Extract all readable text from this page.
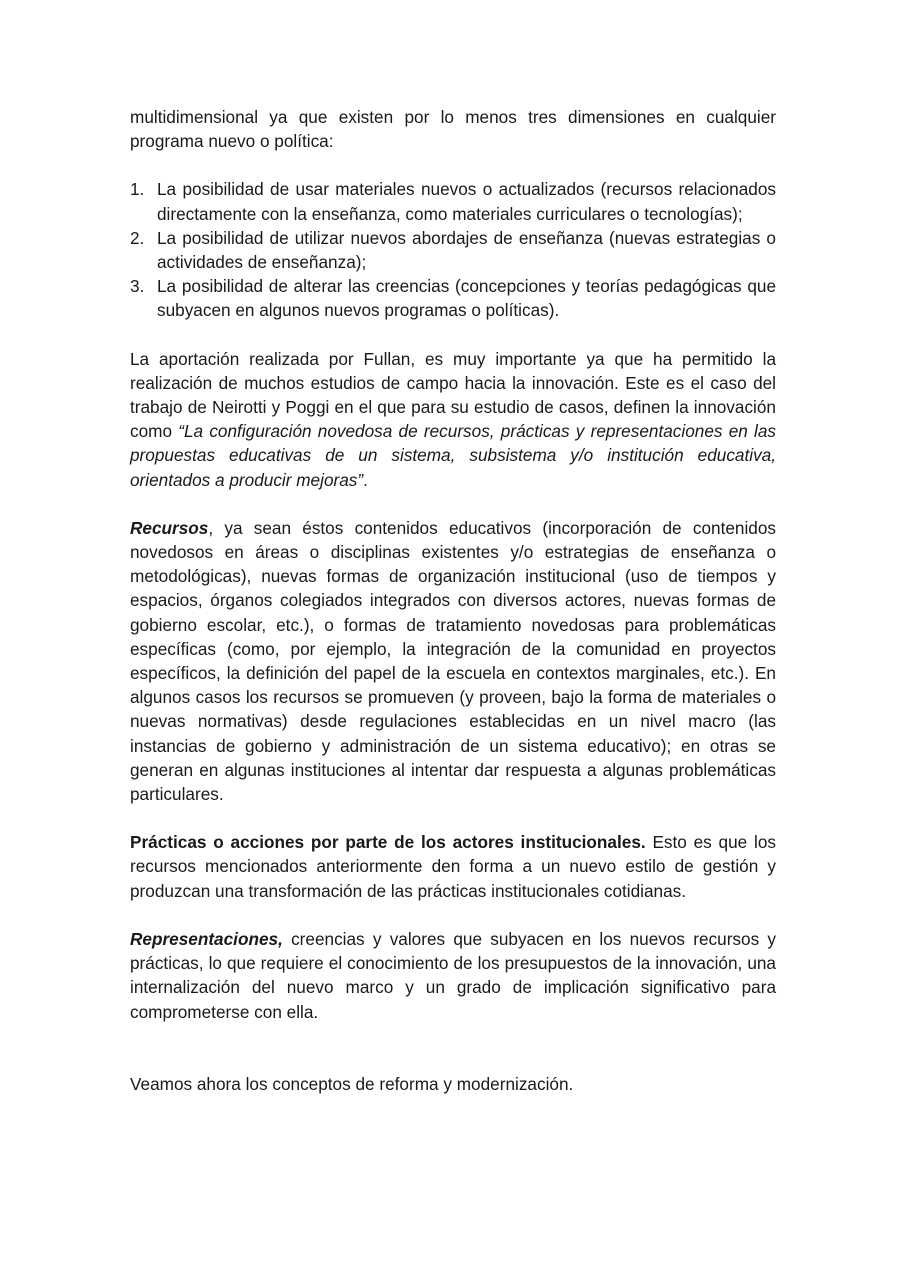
multidimensional ya que existen por lo menos tres dimensiones en cualquier programa nuevo o política:

1. La posibilidad de usar materiales nuevos o actualizados (recursos relacionados directamente con la enseñanza, como materiales curriculares o tecnologías);
2. La posibilidad de utilizar nuevos abordajes de enseñanza (nuevas estrategias o actividades de enseñanza);
3. La posibilidad de alterar las creencias (concepciones y teorías pedagógicas que subyacen en algunos nuevos programas o políticas).

La aportación realizada por Fullan, es muy importante ya que ha permitido la realización de muchos estudios de campo hacia la innovación. Este es el caso del trabajo de Neirotti y Poggi en el que para su estudio de casos, definen la innovación como “La configuración novedosa de recursos, prácticas y representaciones en las propuestas educativas de un sistema, subsistema y/o institución educativa, orientados a producir mejoras”.

Recursos, ya sean éstos contenidos educativos (incorporación de contenidos novedosos en áreas o disciplinas existentes y/o estrategias de enseñanza o metodológicas), nuevas formas de organización institucional (uso de tiempos y espacios, órganos colegiados integrados con diversos actores, nuevas formas de gobierno escolar, etc.), o formas de tratamiento novedosas para problemáticas específicas (como, por ejemplo, la integración de la comunidad en proyectos específicos, la definición del papel de la escuela en contextos marginales, etc.). En algunos casos los recursos se promueven (y proveen, bajo la forma de materiales o nuevas normativas) desde regulaciones establecidas en un nivel macro (las instancias de gobierno y administración de un sistema educativo); en otras se generan en algunas instituciones al intentar dar respuesta a algunas problemáticas particulares.

Prácticas o acciones por parte de los actores institucionales. Esto es que los recursos mencionados anteriormente den forma a un nuevo estilo de gestión y produzcan una transformación de las prácticas institucionales cotidianas.

Representaciones, creencias y valores que subyacen en los nuevos recursos y prácticas, lo que requiere el conocimiento de los presupuestos de la innovación, una internalización del nuevo marco y un grado de implicación significativo para comprometerse con ella.

Veamos ahora los conceptos de reforma y modernización.
